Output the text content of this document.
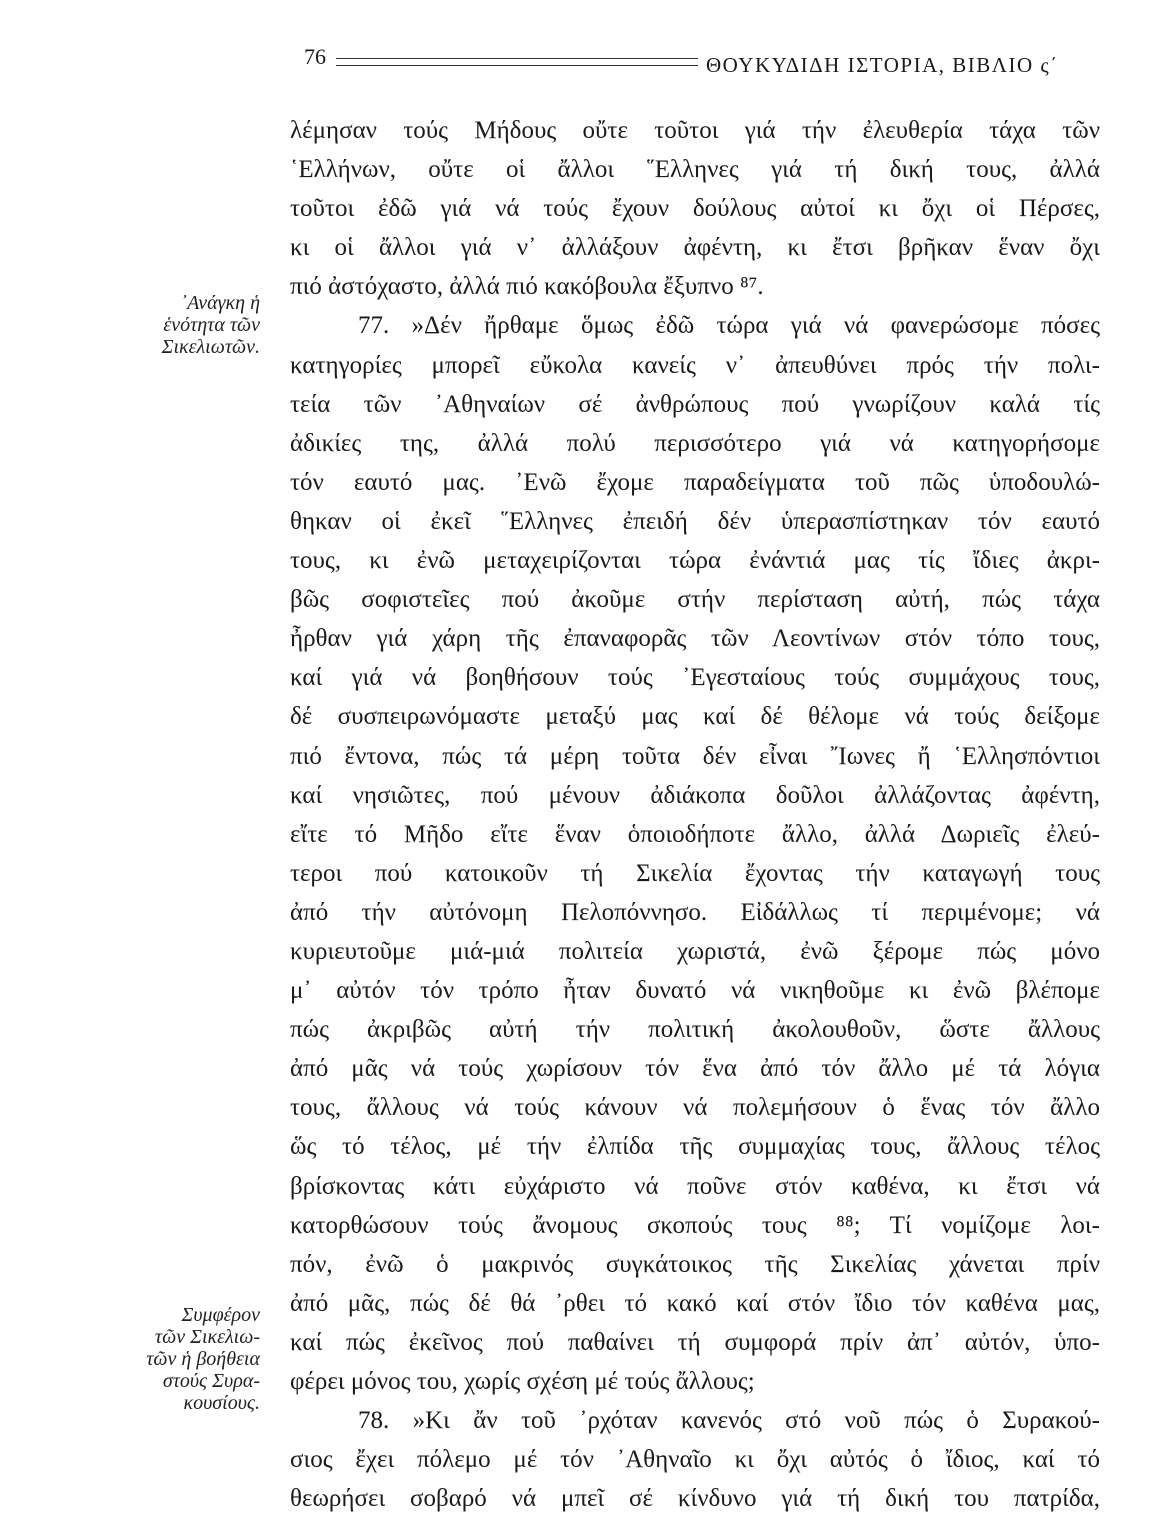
76	ΘΟΥΚΥΔΙΔΗ ΙΣΤΟΡΙΑ, ΒΙΒΛΙΟ ς΄
᾿Ανάγκη ἡ
ἑνότητα τῶν
Σικελιωτῶν.
Συμφέρον
τῶν Σικελιω-
τῶν ἡ βοήθεια
στούς Συρα-
κουσίους.
λέμησαν τούς Μήδους οὔτε τοῦτοι γιά τήν ἐλευθερία τάχα τῶν
῾Ελλήνων, οὔτε οἱ ἄλλοι ῞Ελληνες γιά τή δική τους, ἀλλά
τοῦτοι ἐδῶ γιά νά τούς ἔχουν δούλους αὐτοί κι ὄχι οἱ Πέρσες,
κι οἱ ἄλλοι γιά ν᾿ ἀλλάξουν ἀφέντη, κι ἔτσι βρῆκαν ἕναν ὄχι
πιό ἀστόχαστο, ἀλλά πιό κακόβουλα ἔξυπνο ⁸⁷.
77. »Δέν ἤρθαμε ὅμως ἐδῶ τώρα γιά νά φανερώσομε πόσες
κατηγορίες μπορεῖ εὔκολα κανείς ν᾿ ἀπευθύνει πρός τήν πολι-
τεία τῶν ᾿Αθηναίων σέ ἀνθρώπους πού γνωρίζουν καλά τίς
ἀδικίες της, ἀλλά πολύ περισσότερο γιά νά κατηγορήσομε
τόν εαυτό μας. ᾿Ενῶ ἔχομε παραδείγματα τοῦ πῶς ὑποδουλώ-
θηκαν οἱ ἐκεῖ ῞Ελληνες ἐπειδή δέν ὑπερασπίστηκαν τόν εαυτό
τους, κι ἐνῶ μεταχειρίζονται τώρα ἐνάντιά μας τίς ἴδιες ἀκρι-
βῶς σοφιστεῖες πού ἀκοῦμε στήν περίσταση αὐτή, πώς τάχα
ἦρθαν γιά χάρη τῆς ἐπαναφορᾶς τῶν Λεοντίνων στόν τόπο τους,
καί γιά νά βοηθήσουν τούς ᾿Εγεσταίους τούς συμμάχους τους,
δέ συσπειρωνόμαστε μεταξύ μας καί δέ θέλομε νά τούς δείξομε
πιό ἔντονα, πώς τά μέρη τοῦτα δέν εἶναι ῎Ιωνες ἤ ῾Ελλησπόντιοι
καί νησιῶτες, πού μένουν ἀδιάκοπα δοῦλοι ἀλλάζοντας ἀφέντη,
εἴτε τό Μῆδο εἴτε ἕναν ὁποιοδήποτε ἄλλο, ἀλλά Δωριεῖς ἐλεύ-
τεροι πού κατοικοῦν τή Σικελία ἔχοντας τήν καταγωγή τους
ἀπό τήν αὐτόνομη Πελοπόννησο. Εἰδάλλως τί περιμένομε; νά
κυριευτοῦμε μιά-μιά πολιτεία χωριστά, ἐνῶ ξέρομε πώς μόνο
μ᾿ αὐτόν τόν τρόπο ἦταν δυνατό νά νικηθοῦμε κι ἐνῶ βλέπομε
πώς ἀκριβῶς αὐτή τήν πολιτική ἀκολουθοῦν, ὥστε ἄλλους
ἀπό μᾶς νά τούς χωρίσουν τόν ἕνα ἀπό τόν ἄλλο μέ τά λόγια
τους, ἄλλους νά τούς κάνουν νά πολεμήσουν ὁ ἕνας τόν ἄλλο
ὥς τό τέλος, μέ τήν ἐλπίδα τῆς συμμαχίας τους, ἄλλους τέλος
βρίσκοντας κάτι εὐχάριστο νά ποῦνε στόν καθένα, κι ἔτσι νά
κατορθώσουν τούς ἄνομους σκοπούς τους ⁸⁸; Τί νομίζομε λοι-
πόν, ἐνῶ ὁ μακρινός συγκάτοικος τῆς Σικελίας χάνεται πρίν
ἀπό μᾶς, πώς δέ θά ᾿ρθει τό κακό καί στόν ἴδιο τόν καθένα μας,
καί πώς ἐκεῖνος πού παθαίνει τή συμφορά πρίν ἀπ᾿ αὐτόν, ὑπο-
φέρει μόνος του, χωρίς σχέση μέ τούς ἄλλους;
78. »Κι ἄν τοῦ ᾿ρχόταν κανενός στό νοῦ πώς ὁ Συρακού-
σιος ἔχει πόλεμο μέ τόν ᾿Αθηναῖο κι ὄχι αὐτός ὁ ἴδιος, καί τό
θεωρήσει σοβαρό νά μπεῖ σέ κίνδυνο γιά τή δική του πατρίδα,
